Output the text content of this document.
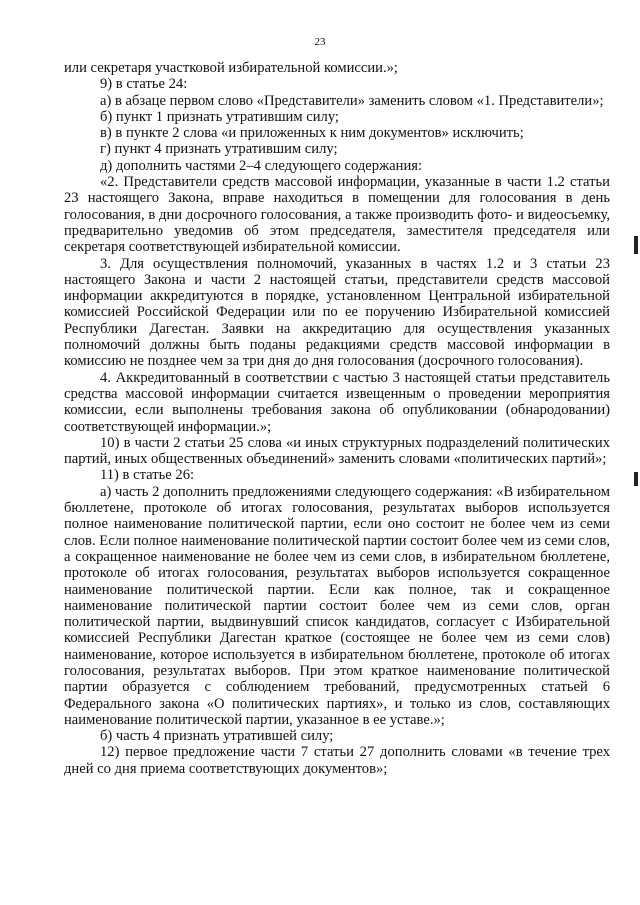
23

или секретаря участковой избирательной комиссии.»;

9) в статье 24:

а) в абзаце первом слово «Представители» заменить словом «1. Представители»;

б) пункт 1 признать утратившим силу;

в) в пункте 2 слова «и приложенных к ним документов» исключить;

г) пункт 4 признать утратившим силу;

д) дополнить частями 2–4 следующего содержания:

«2. Представители средств массовой информации, указанные в части 1.2 статьи 23 настоящего Закона, вправе находиться в помещении для голосования в день голосования, в дни досрочного голосования, а также производить фото- и видеосъемку, предварительно уведомив об этом председателя, заместителя председателя или секретаря соответствующей избирательной комиссии.

3. Для осуществления полномочий, указанных в частях 1.2 и 3 статьи 23 настоящего Закона и части 2 настоящей статьи, представители средств массовой информации аккредитуются в порядке, установленном Центральной избирательной комиссией Российской Федерации или по ее поручению Избирательной комиссией Республики Дагестан. Заявки на аккредитацию для осуществления указанных полномочий должны быть поданы редакциями средств массовой информации в комиссию не позднее чем за три дня до дня голосования (досрочного голосования).

4. Аккредитованный в соответствии с частью 3 настоящей статьи представитель средства массовой информации считается извещенным о проведении мероприятия комиссии, если выполнены требования закона об опубликовании (обнародовании) соответствующей информации.»;

10) в части 2 статьи 25 слова «и иных структурных подразделений политических партий, иных общественных объединений» заменить словами «политических партий»;

11) в статье 26:

а) часть 2 дополнить предложениями следующего содержания: «В избирательном бюллетене, протоколе об итогах голосования, результатах выборов используется полное наименование политической партии, если оно состоит не более чем из семи слов. Если полное наименование политической партии состоит более чем из семи слов, а сокращенное наименование не более чем из семи слов, в избирательном бюллетене, протоколе об итогах голосования, результатах выборов используется сокращенное наименование политической партии. Если как полное, так и сокращенное наименование политической партии состоит более чем из семи слов, орган политической партии, выдвинувший список кандидатов, согласует с Избирательной комиссией Республики Дагестан краткое (состоящее не более чем из семи слов) наименование, которое используется в избирательном бюллетене, протоколе об итогах голосования, результатах выборов. При этом краткое наименование политической партии образуется с соблюдением требований, предусмотренных статьей 6 Федерального закона «О политических партиях», и только из слов, составляющих наименование политической партии, указанное в ее уставе.»;

б) часть 4 признать утратившей силу;

12) первое предложение части 7 статьи 27 дополнить словами «в течение трех дней со дня приема соответствующих документов»;
